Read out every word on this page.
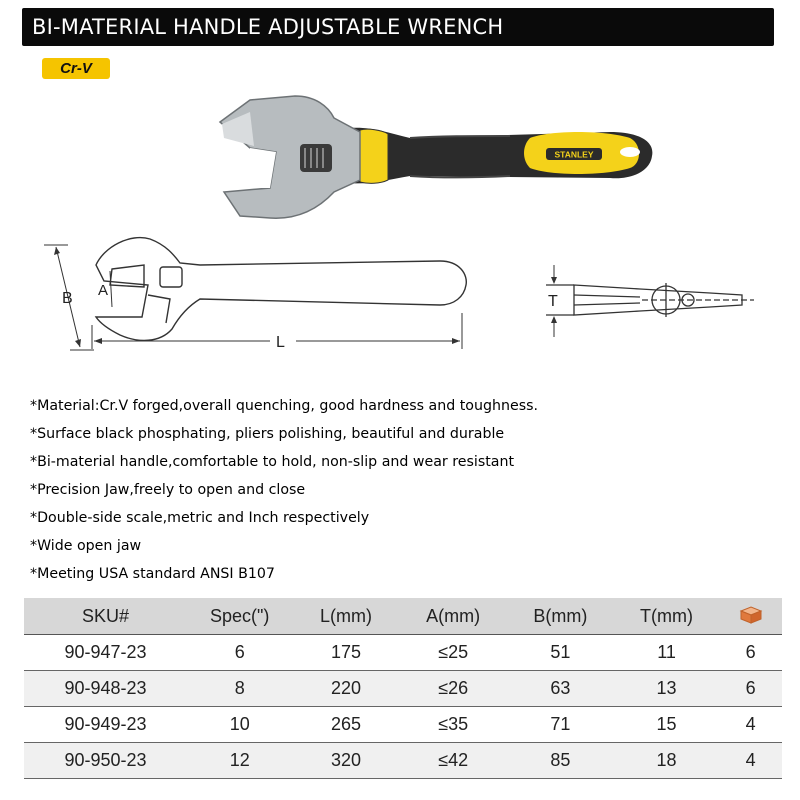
BI-MATERIAL HANDLE ADJUSTABLE WRENCH
Cr-V
STANLEY
B A
L
T
*Material:Cr.V forged,overall quenching, good hardness and toughness.
*Surface black phosphating, pliers polishing, beautiful and durable
*Bi-material handle,comfortable to hold, non-slip and wear resistant
*Precision Jaw,freely to open and close
*Double-side scale,metric and Inch respectively
*Wide open jaw
*Meeting USA standard ANSI B107
SKU#	Spec(")	L(mm)	A(mm)	B(mm)	T(mm)	
90-947-23	6	175	≤25	51	11	6
90-948-23	8	220	≤26	63	13	6
90-949-23	10	265	≤35	71	15	4
90-950-23	12	320	≤42	85	18	4
